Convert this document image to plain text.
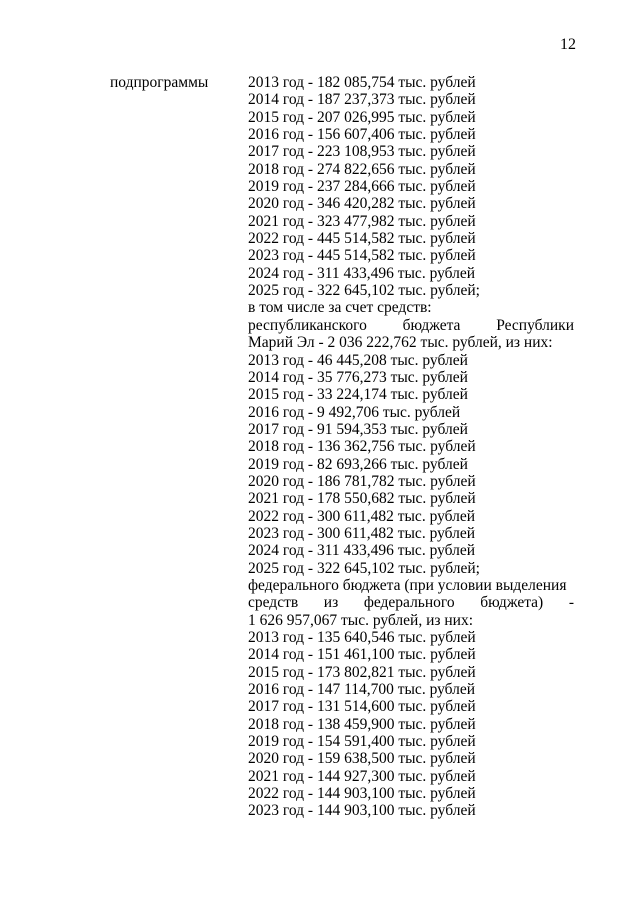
12
подпрограммы	2013 год - 182 085,754 тыс. рублей
2014 год - 187 237,373 тыс. рублей
2015 год - 207 026,995 тыс. рублей
2016 год - 156 607,406 тыс. рублей
2017 год - 223 108,953 тыс. рублей
2018 год - 274 822,656 тыс. рублей
2019 год - 237 284,666 тыс. рублей
2020 год - 346 420,282 тыс. рублей
2021 год - 323 477,982 тыс. рублей
2022 год - 445 514,582 тыс. рублей
2023 год - 445 514,582 тыс. рублей
2024 год - 311 433,496 тыс. рублей
2025 год - 322 645,102 тыс. рублей;
в том числе за счет средств:
республиканского бюджета Республики
Марий Эл - 2 036 222,762 тыс. рублей, из них:
2013 год - 46 445,208 тыс. рублей
2014 год - 35 776,273 тыс. рублей
2015 год - 33 224,174 тыс. рублей
2016 год - 9 492,706 тыс. рублей
2017 год - 91 594,353 тыс. рублей
2018 год - 136 362,756 тыс. рублей
2019 год - 82 693,266 тыс. рублей
2020 год - 186 781,782 тыс. рублей
2021 год - 178 550,682 тыс. рублей
2022 год - 300 611,482 тыс. рублей
2023 год - 300 611,482 тыс. рублей
2024 год - 311 433,496 тыс. рублей
2025 год - 322 645,102 тыс. рублей;
федерального бюджета (при условии выделения
средств из федерального бюджета) -
1 626 957,067 тыс. рублей, из них:
2013 год - 135 640,546 тыс. рублей
2014 год - 151 461,100 тыс. рублей
2015 год - 173 802,821 тыс. рублей
2016 год - 147 114,700 тыс. рублей
2017 год - 131 514,600 тыс. рублей
2018 год - 138 459,900 тыс. рублей
2019 год - 154 591,400 тыс. рублей
2020 год - 159 638,500 тыс. рублей
2021 год - 144 927,300 тыс. рублей
2022 год - 144 903,100 тыс. рублей
2023 год - 144 903,100 тыс. рублей
